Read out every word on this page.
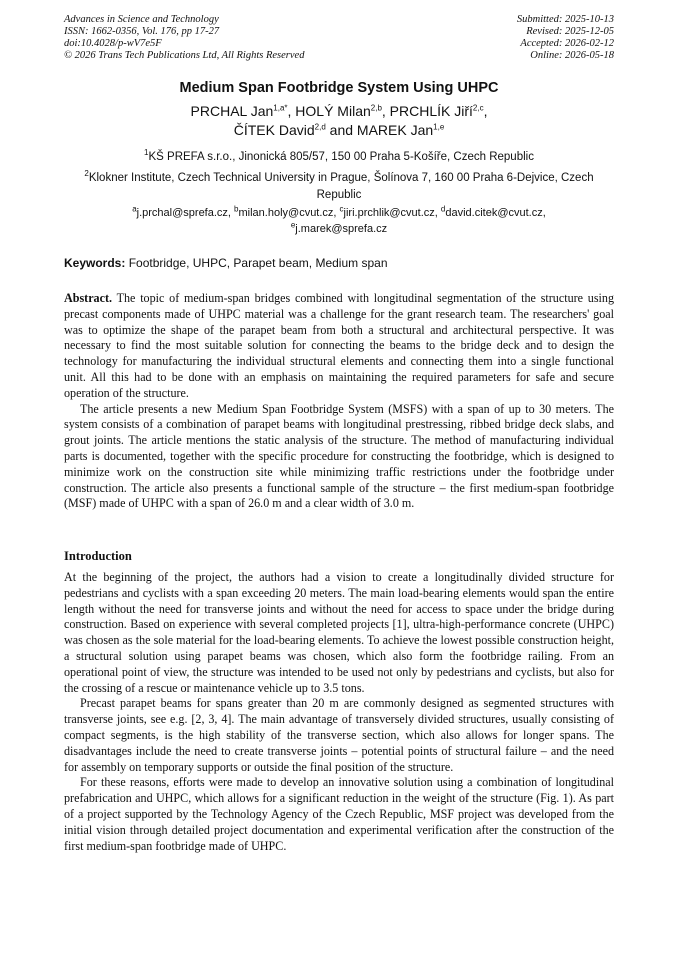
Advances in Science and Technology
ISSN: 1662-0356, Vol. 176, pp 17-27
doi:10.4028/p-wV7e5F
© 2026 Trans Tech Publications Ltd, All Rights Reserved
Submitted: 2025-10-13
Revised: 2025-12-05
Accepted: 2026-02-12
Online: 2026-05-18
Medium Span Footbridge System Using UHPC
PRCHAL Jan$^{1,a*}$, HOLÝ Milan$^{2,b}$, PRCHLÍK Jiří$^{2,c}$,
ČÍTEK David$^{2,d}$ and MAREK Jan$^{1,e}$
$^1$KŠ PREFA s.r.o., Jinonická 805/57, 150 00 Praha 5-Košíře, Czech Republic
$^2$Klokner Institute, Czech Technical University in Prague, Šolínova 7, 160 00 Praha 6-Dejvice, Czech Republic
$^a$j.prchal@sprefa.cz, $^b$milan.holy@cvut.cz, $^c$jiri.prchlik@cvut.cz, $^d$david.citek@cvut.cz,
$^e$j.marek@sprefa.cz
Keywords: Footbridge, UHPC, Parapet beam, Medium span

Abstract. The topic of medium-span bridges combined with longitudinal segmentation of the structure using precast components made of UHPC material was a challenge for the grant research team. The researchers' goal was to optimize the shape of the parapet beam from both a structural and architectural perspective. It was necessary to find the most suitable solution for connecting the beams to the bridge deck and to design the technology for manufacturing the individual structural elements and connecting them into a single functional unit. All this had to be done with an emphasis on maintaining the required parameters for safe and secure operation of the structure.

The article presents a new Medium Span Footbridge System (MSFS) with a span of up to 30 meters. The system consists of a combination of parapet beams with longitudinal prestressing, ribbed bridge deck slabs, and grout joints. The article mentions the static analysis of the structure. The method of manufacturing individual parts is documented, together with the specific procedure for constructing the footbridge, which is designed to minimize work on the construction site while minimizing traffic restrictions under the footbridge under construction. The article also presents a functional sample of the structure – the first medium-span footbridge (MSF) made of UHPC with a span of 26.0 m and a clear width of 3.0 m.

Introduction

At the beginning of the project, the authors had a vision to create a longitudinally divided structure for pedestrians and cyclists with a span exceeding 20 meters. The main load-bearing elements would span the entire length without the need for transverse joints and without the need for access to space under the bridge during construction. Based on experience with several completed projects [1], ultra-high-performance concrete (UHPC) was chosen as the sole material for the load-bearing elements. To achieve the lowest possible construction height, a structural solution using parapet beams was chosen, which also form the footbridge railing. From an operational point of view, the structure was intended to be used not only by pedestrians and cyclists, but also for the crossing of a rescue or maintenance vehicle up to 3.5 tons.

Precast parapet beams for spans greater than 20 m are commonly designed as segmented structures with transverse joints, see e.g. [2, 3, 4]. The main advantage of transversely divided structures, usually consisting of compact segments, is the high stability of the transverse section, which also allows for longer spans. The disadvantages include the need to create transverse joints – potential points of structural failure – and the need for assembly on temporary supports or outside the final position of the structure.

For these reasons, efforts were made to develop an innovative solution using a combination of longitudinal prefabrication and UHPC, which allows for a significant reduction in the weight of the structure (Fig. 1). As part of a project supported by the Technology Agency of the Czech Republic, MSF project was developed from the initial vision through detailed project documentation and experimental verification after the construction of the first medium-span footbridge made of UHPC.
